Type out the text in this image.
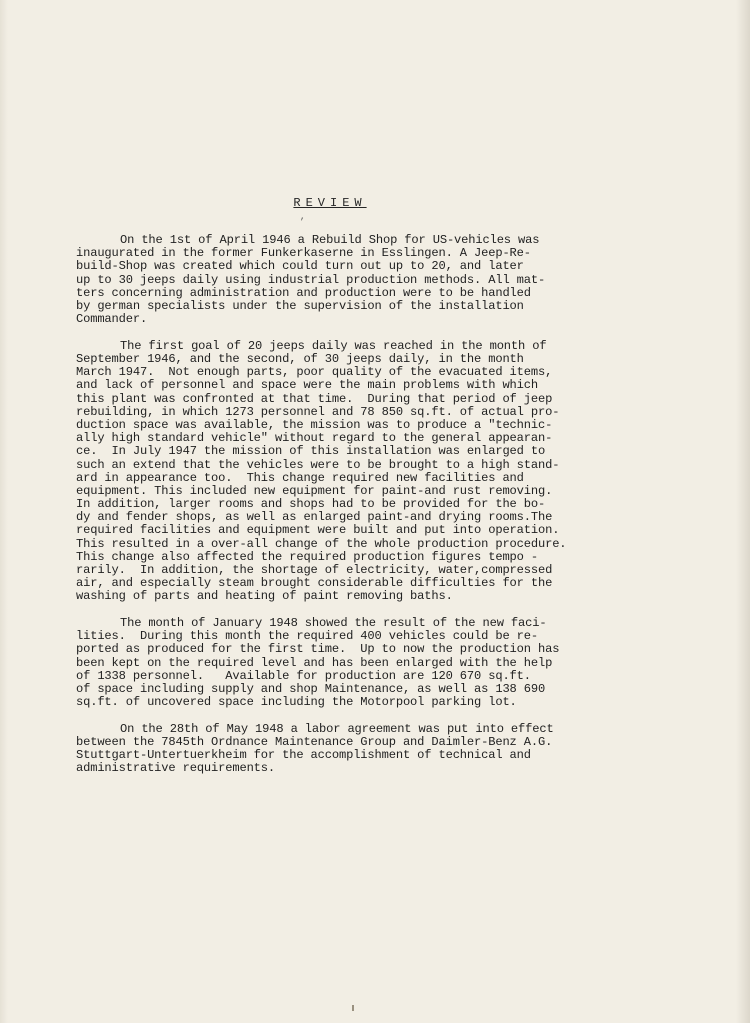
REVIEW
,
On the 1st of April 1946 a Rebuild Shop for US-vehicles was
inaugurated in the former Funkerkaserne in Esslingen. A Jeep-Re-
build-Shop was created which could turn out up to 20, and later
up to 30 jeeps daily using industrial production methods. All mat-
ters concerning administration and production were to be handled
by german specialists under the supervision of the installation
Commander.
The first goal of 20 jeeps daily was reached in the month of
September 1946, and the second, of 30 jeeps daily, in the month
March 1947.  Not enough parts, poor quality of the evacuated items,
and lack of personnel and space were the main problems with which
this plant was confronted at that time.  During that period of jeep
rebuilding, in which 1273 personnel and 78 850 sq.ft. of actual pro-
duction space was available, the mission was to produce a "technic-
ally high standard vehicle" without regard to the general appearan-
ce.  In July 1947 the mission of this installation was enlarged to
such an extend that the vehicles were to be brought to a high stand-
ard in appearance too.  This change required new facilities and
equipment. This included new equipment for paint-and rust removing.
In addition, larger rooms and shops had to be provided for the bo-
dy and fender shops, as well as enlarged paint-and drying rooms.The
required facilities and equipment were built and put into operation.
This resulted in a over-all change of the whole production procedure.
This change also affected the required production figures tempo -
rarily.  In addition, the shortage of electricity, water,compressed
air, and especially steam brought considerable difficulties for the
washing of parts and heating of paint removing baths.
The month of January 1948 showed the result of the new faci-
lities.  During this month the required 400 vehicles could be re-
ported as produced for the first time.  Up to now the production has
been kept on the required level and has been enlarged with the help
of 1338 personnel.   Available for production are 120 670 sq.ft.
of space including supply and shop Maintenance, as well as 138 690
sq.ft. of uncovered space including the Motorpool parking lot.
On the 28th of May 1948 a labor agreement was put into effect
between the 7845th Ordnance Maintenance Group and Daimler-Benz A.G.
Stuttgart-Untertuerkheim for the accomplishment of technical and
administrative requirements.
